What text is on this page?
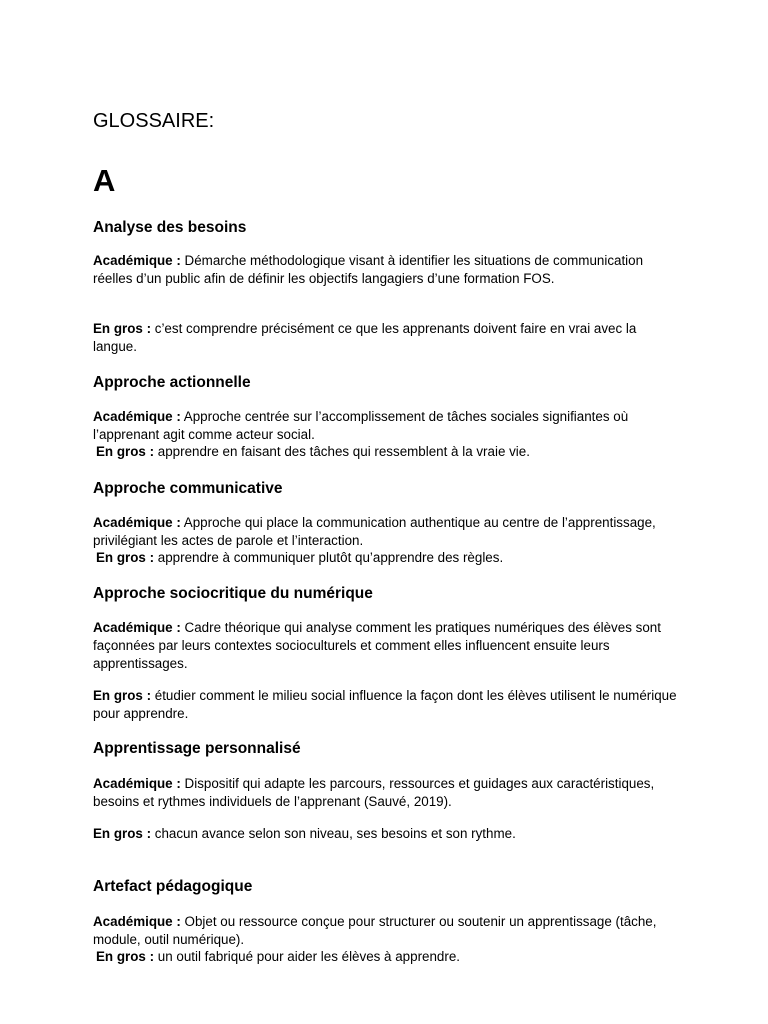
GLOSSAIRE:
A
Analyse des besoins

Académique : Démarche méthodologique visant à identifier les situations de communication réelles d’un public afin de définir les objectifs langagiers d’une formation FOS.

En gros : c’est comprendre précisément ce que les apprenants doivent faire en vrai avec la langue.

Approche actionnelle

Académique : Approche centrée sur l’accomplissement de tâches sociales signifiantes où l’apprenant agit comme acteur social.

En gros : apprendre en faisant des tâches qui ressemblent à la vraie vie.

Approche communicative

Académique : Approche qui place la communication authentique au centre de l’apprentissage, privilégiant les actes de parole et l’interaction.

En gros : apprendre à communiquer plutôt qu’apprendre des règles.

Approche sociocritique du numérique

Académique : Cadre théorique qui analyse comment les pratiques numériques des élèves sont façonnées par leurs contextes socioculturels et comment elles influencent ensuite leurs apprentissages.

En gros : étudier comment le milieu social influence la façon dont les élèves utilisent le numérique pour apprendre.

Apprentissage personnalisé

Académique : Dispositif qui adapte les parcours, ressources et guidages aux caractéristiques, besoins et rythmes individuels de l’apprenant (Sauvé, 2019).

En gros : chacun avance selon son niveau, ses besoins et son rythme.

Artefact pédagogique

Académique : Objet ou ressource conçue pour structurer ou soutenir un apprentissage (tâche, module, outil numérique).

En gros : un outil fabriqué pour aider les élèves à apprendre.
